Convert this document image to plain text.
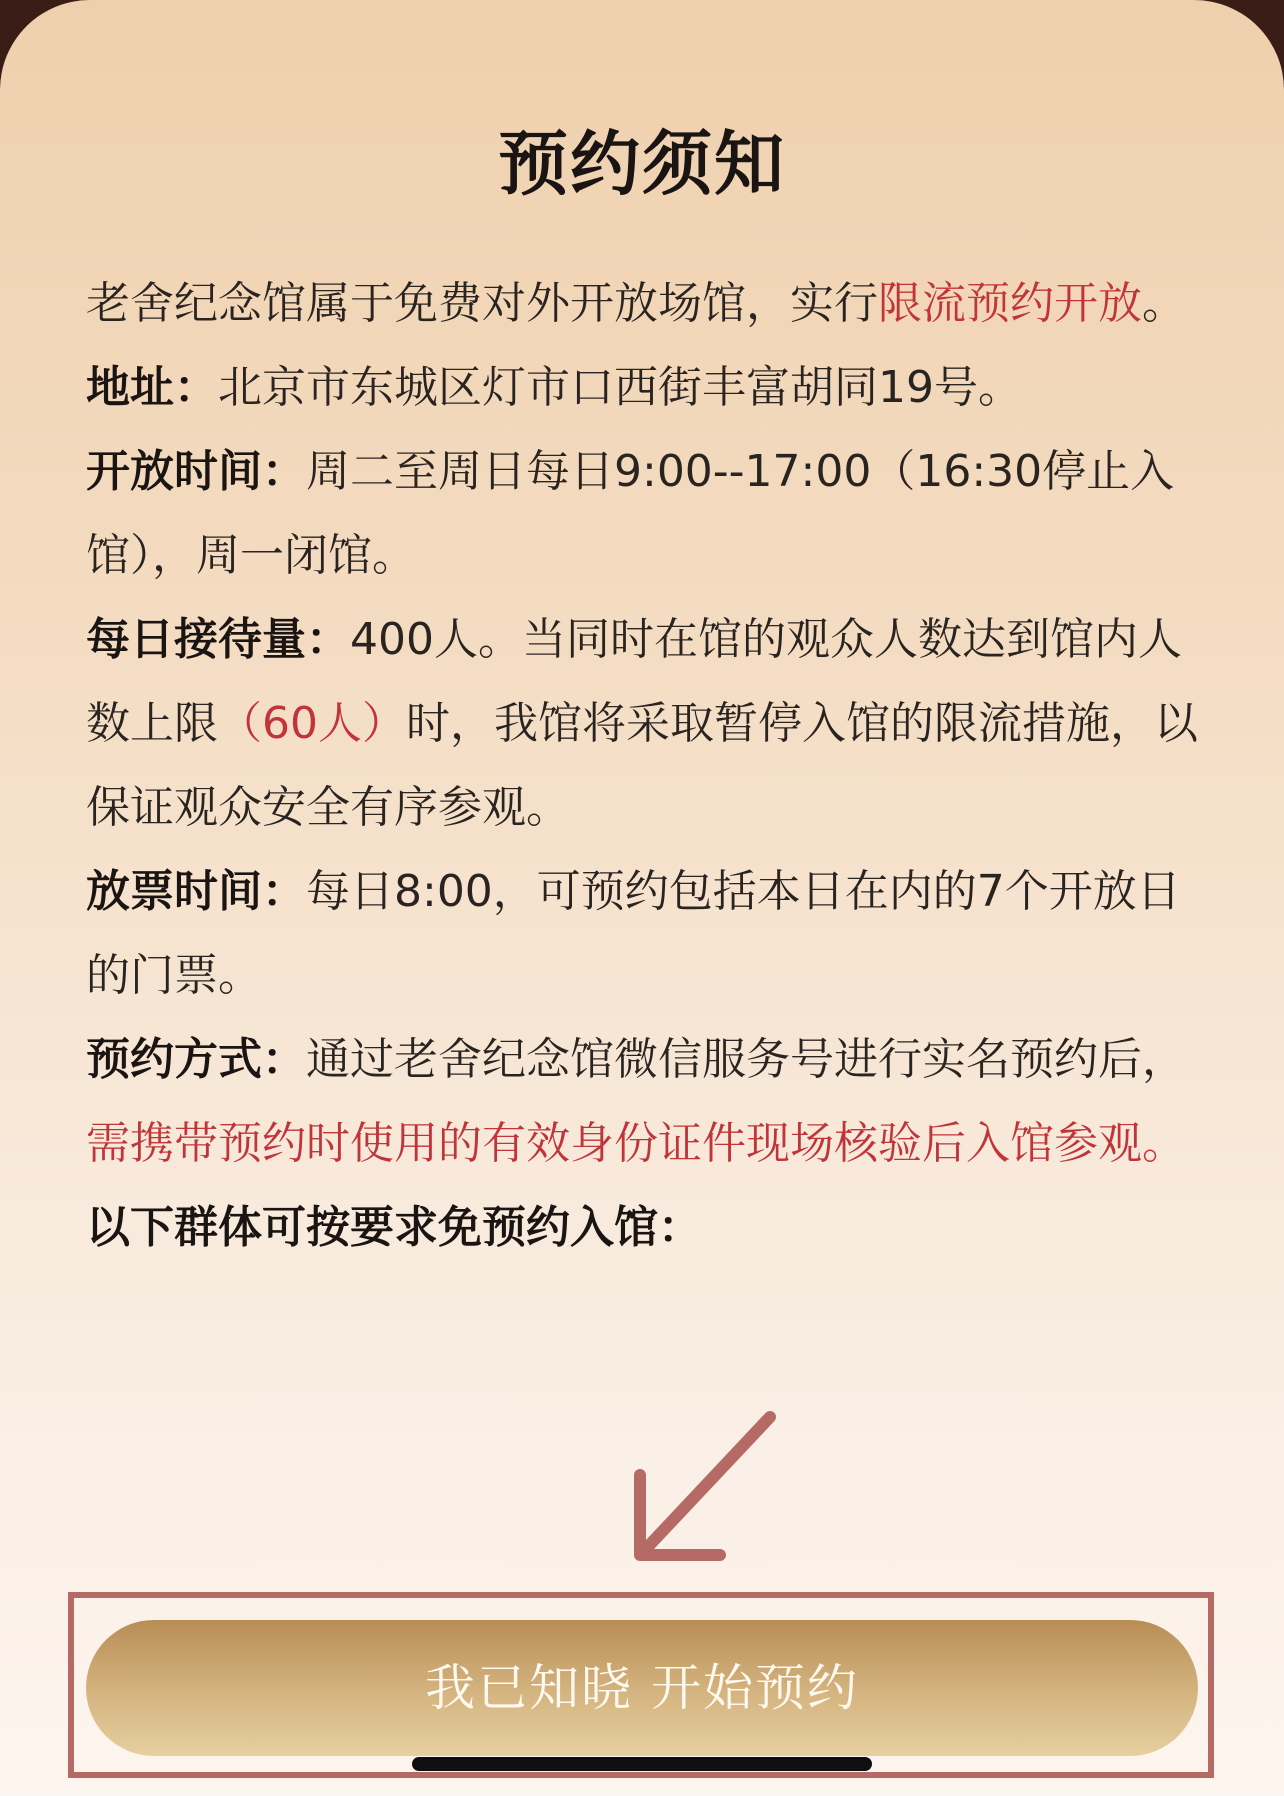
预约须知

老舍纪念馆属于免费对外开放场馆，实行限流预约开放。

地址：北京市东城区灯市口西街丰富胡同19号。

开放时间：周二至周日每日9:00--17:00（16:30停止入馆），周一闭馆。

每日接待量：400人。当同时在馆的观众人数达到馆内人数上限（60人）时，我馆将采取暂停入馆的限流措施，以保证观众安全有序参观。

放票时间：每日8:00，可预约包括本日在内的7个开放日的门票。

预约方式：通过老舍纪念馆微信服务号进行实名预约后，需携带预约时使用的有效身份证件现场核验后入馆参观。

以下群体可按要求免预约入馆：

我已知晓 开始预约
